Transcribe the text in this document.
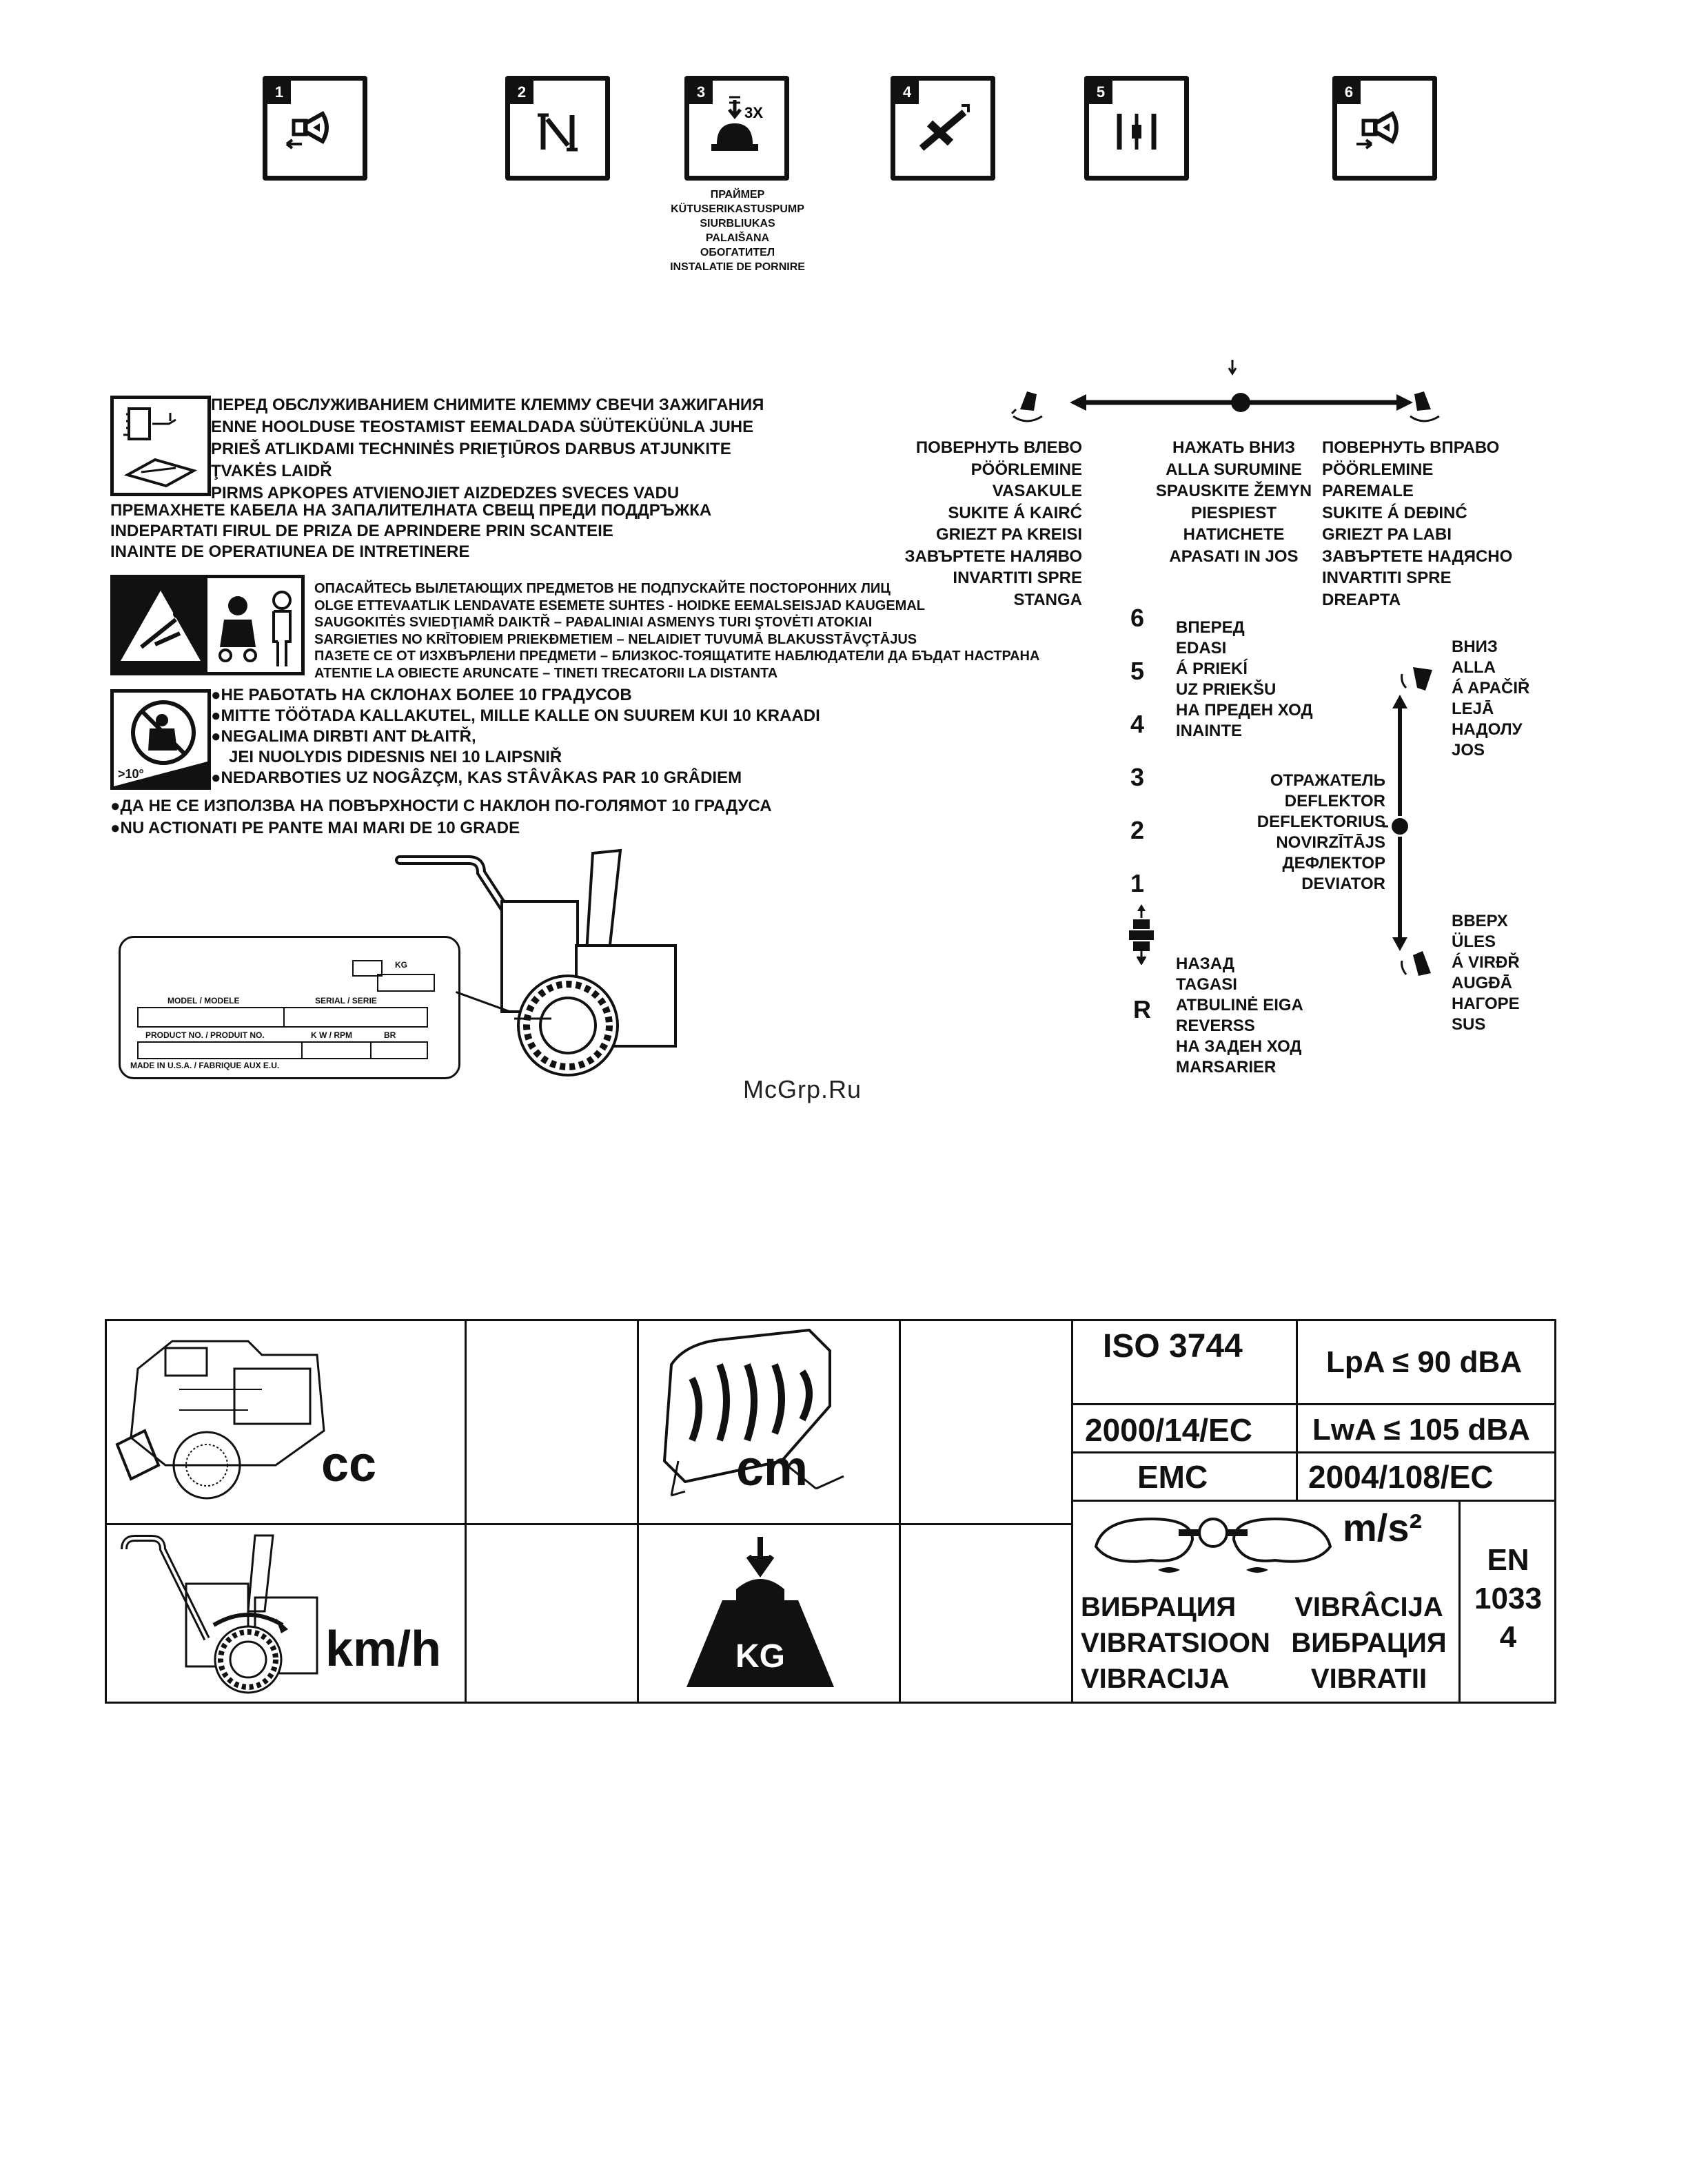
1	2	3
3X
4	5	6
ПРАЙМЕР
KÜTUSERIKASTUSPUMP
SIURBLIUKAS
PALAIŠANA
ОБОГАТИТЕЛ
INSTALATIE DE PORNIRE
ПЕРЕД ОБСЛУЖИВАНИЕМ СНИМИТЕ КЛЕММУ СВЕЧИ ЗАЖИГАНИЯ
ENNE HOOLDUSE TEOSTAMIST EEMALDADA SÜÜTEKÜÜNLA JUHE
PRIEŠ ATLIKDAMI TECHNINĖS PRIEŢIŪROS DARBUS ATJUNKITE
ŢVAKĖS LAIDŘ
PIRMS APKOPES ATVIENOJIET AIZDEDZES SVECES VADU
ПРЕМАХНЕТЕ КАБЕЛА НА ЗАПАЛИТЕЛНАТА СВЕЩ ПРЕДИ ПОДДРЪЖКА
INDEPARTATI FIRUL DE PRIZA DE APRINDERE PRIN SCANTEIE
INAINTE DE OPERATIUNEA DE INTRETINERE
ОПАСАЙТЕСЬ ВЫЛЕТАЮЩИХ ПРЕДМЕТОВ НЕ ПОДПУСКАЙТЕ ПОСТОРОННИХ ЛИЦ
OLGE ETTEVAATLIK LENDAVATE ESEMETE SUHTES - HOIDKE EEMALSEISJAD KAUGEMAL
SAUGOKITĖS SVIEDŢIAMŘ DAIKTŘ – PAĐALINIAI ASMENYS TURI ŞTOVĖTI ATOKIAI
SARGIETIES NO KRĪTOĐIEM PRIEKĐMETIEM – NELAIDIET TUVUMĀ BLAKUSSTĀVÇTĀJUS
ПАЗЕТЕ СЕ ОТ ИЗХВЪРЛЕНИ ПРЕДМЕТИ – БЛИЗКОС-ТОЯЩАТИТЕ НАБЛЮДАТЕЛИ ДА БЪДАТ НАСТРАНА
ATENTIE LA OBIECTE ARUNCATE – TINETI TRECATORII LA DISTANTA
>10°
●НЕ РАБОТАТЬ НА СКЛОНАХ БОЛЕЕ 10 ГРАДУСОВ
●MITTE TÖÖTADA KALLAKUTEL, MILLE KALLE ON SUUREM KUI 10 KRAADI
●NEGALIMA DIRBTI ANT DŁAITŘ,
JEI NUOLYDIS DIDESNIS NEI 10 LAIPSNIŘ
●NEDARBOTIES UZ NOGÂZÇM, KAS STÂVÂKAS PAR 10 GRÂDIEM
●ДА НЕ СЕ ИЗПОЛЗВА НА ПОВЪРХНОСТИ С НАКЛОН ПО-ГОЛЯМОТ 10 ГРАДУСА
●NU ACTIONATI PE PANTE MAI MARI DE 10 GRADE
KG
MODEL / MODELE	SERIAL / SERIE
PRODUCT NO. / PRODUIT NO.	K W / RPM	BR
MADE IN U.S.A. / FABRIQUE AUX E.U.
McGrp.Ru
ПОВЕРНУТЬ ВЛЕВО
PÖÖRLEMINE VASAKULE
SUKITE Á KAIRĆ
GRIEZT PA KREISI
ЗАВЪРТЕТЕ НАЛЯВО
INVARTITI SPRE STANGA
НАЖАТЬ ВНИЗ
ALLA SURUMINE
SPAUSKITE ŽEMYN
PIESPIEST
НАТИСНЕТЕ
APASATI IN JOS
ПОВЕРНУТЬ ВПРАВО
PÖÖRLEMINE PAREMALE
SUKITE Á DEĐINĆ
GRIEZT PA LABI
ЗАВЪРТЕТЕ НАДЯСНО
INVARTITI SPRE DREAPTA
6
5
4
3
2
1
R
ВПЕРЕД
EDASI
Á PRIEKĺ
UZ PRIEKŠU
НА ПРЕДЕН ХОД
INAINTE
НАЗАД
TAGASI
ATBULINĖ EIGA
REVERSS
НА ЗАДЕН ХОД
MARSARIER
ОТРАЖАТЕЛЬ
DEFLEKTOR
DEFLEKTORIUS
NOVIRZĪTĀJS
ДЕФЛЕКТОР
DEVIATOR
ВНИЗ
ALLA
Á APAČIŘ
LEJĀ
НАДОЛУ
JOS
ВВЕРХ
ÜLES
Á VIRĐŘ
AUGĐĀ
НАГОРЕ
SUS
cc	cm
km/h	KG
ISO 3744	LpA ≤ 90 dBA
2000/14/EC LwA ≤ 105 dBA
EMC	2004/108/EC
m/s²
ВИБРАЦИЯ
VIBRATSIOON
VIBRACIJA
VIBRÂCIJA
ВИБРАЦИЯ
VIBRATII
EN
1033
4
